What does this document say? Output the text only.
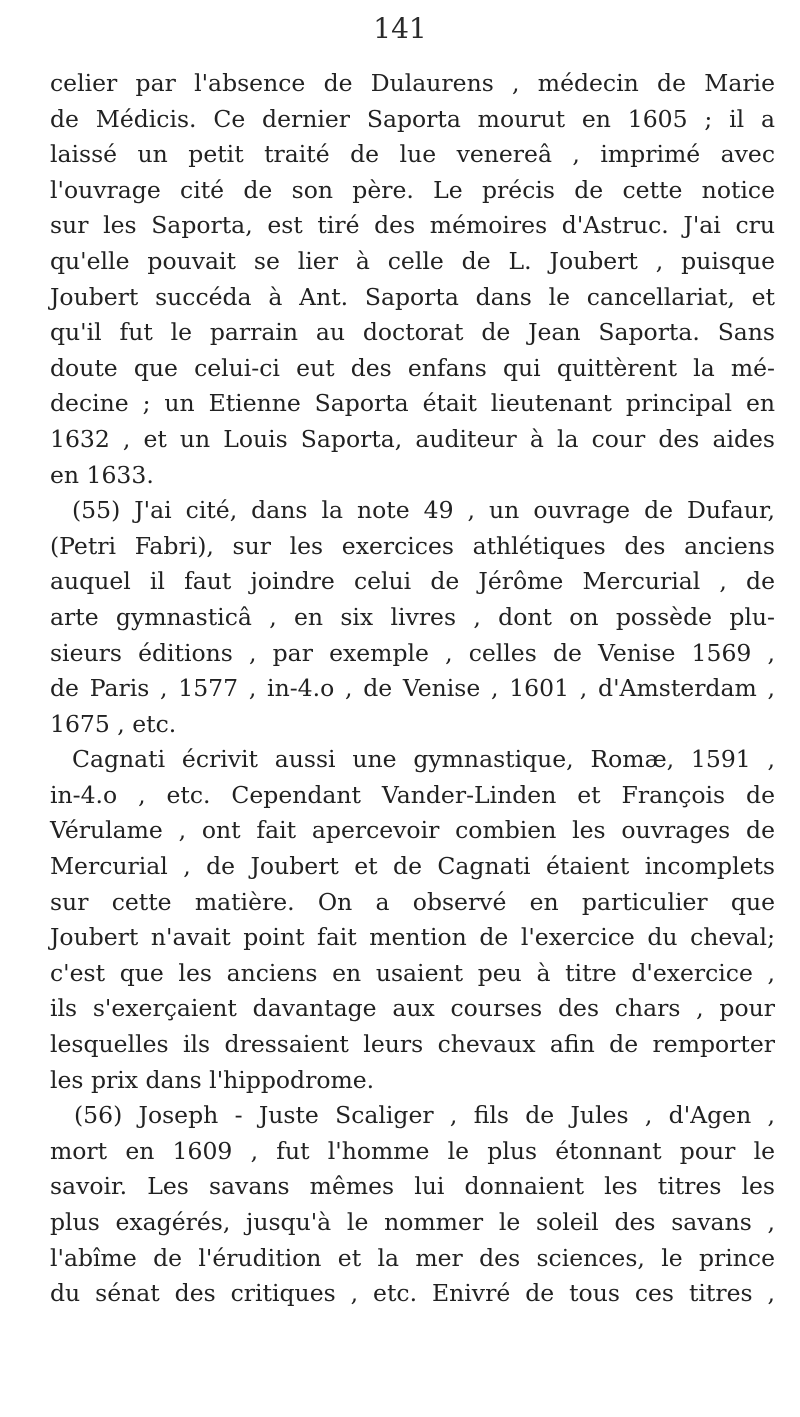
141
celier par l'absence de Dulaurens , médecin de Marie
de Médicis. Ce dernier Saporta mourut en 1605 ; il a
laissé un petit traité de lue venereâ , imprimé avec
l'ouvrage cité de son père. Le précis de cette notice
sur les Saporta, est tiré des mémoires d'Astruc. J'ai cru
qu'elle pouvait se lier à celle de L. Joubert , puisque
Joubert succéda à Ant. Saporta dans le cancellariat, et
qu'il fut le parrain au doctorat de Jean Saporta. Sans
doute que celui-ci eut des enfans qui quittèrent la mé-
decine ; un Etienne Saporta était lieutenant principal en
1632 , et un Louis Saporta, auditeur à la cour des aides
en 1633.
(55) J'ai cité, dans la note 49 , un ouvrage de Dufaur,
(Petri Fabri), sur les exercices athlétiques des anciens
auquel il faut joindre celui de Jérôme Mercurial , de
arte gymnasticâ , en six livres , dont on possède plu-
sieurs éditions , par exemple , celles de Venise 1569 ,
de Paris , 1577 , in-4.o , de Venise , 1601 , d'Amsterdam ,
1675 , etc.
Cagnati écrivit aussi une gymnastique, Romæ, 1591 ,
in-4.o , etc. Cependant Vander-Linden et François de
Vérulame , ont fait apercevoir combien les ouvrages de
Mercurial , de Joubert et de Cagnati étaient incomplets
sur cette matière. On a observé en particulier que
Joubert n'avait point fait mention de l'exercice du cheval;
c'est que les anciens en usaient peu à titre d'exercice ,
ils s'exerçaient davantage aux courses des chars , pour
lesquelles ils dressaient leurs chevaux afin de remporter
les prix dans l'hippodrome.
(56) Joseph - Juste Scaliger , fils de Jules , d'Agen ,
mort en 1609 , fut l'homme le plus étonnant pour le
savoir. Les savans mêmes lui donnaient les titres les
plus exagérés, jusqu'à le nommer le soleil des savans ,
l'abîme de l'érudition et la mer des sciences, le prince
du sénat des critiques , etc. Enivré de tous ces titres ,
